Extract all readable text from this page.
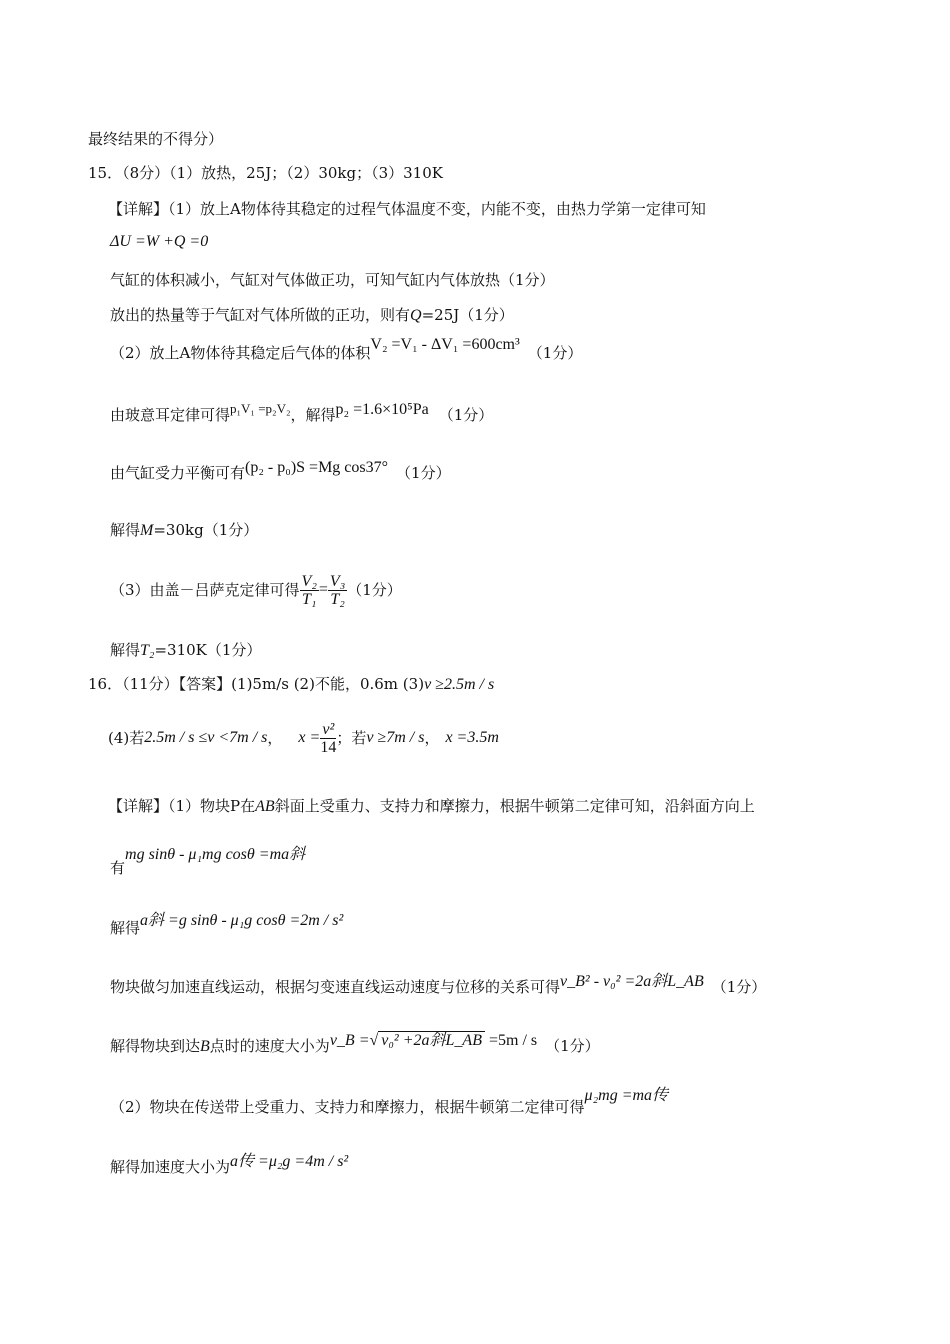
最终结果的不得分）
15．（8分）（1）放热，25J；（2）30kg；（3）310K
【详解】（1）放上A物体待其稳定的过程气体温度不变，内能不变，由热力学第一定律可知
ΔU =W +Q =0
气缸的体积减小，气缸对气体做正功，可知气缸内气体放热（1分）
放出的热量等于气缸对气体所做的正功，则有Q=25J（1分）
（2）放上A物体待其稳定后气体的体积V₂ =V₁ - ΔV₁ =600cm³ （1分）
由玻意耳定律可得p₁V₁ =p₂V₂，解得p₂ =1.6×10⁵Pa （1分）
由气缸受力平衡可有(p₂ - p₀)S =Mg cos37° （1分）
解得M=30kg（1分）
（3）由盖－吕萨克定律可得 $\frac{\text{V₂}}{\text{T₁}} = \frac{\text{V₃}}{\text{T₂}} (1$分）
解得T₂=310K（1分）
16．（11分）【答案】(1)5m/s (2)不能，0.6m (3)v ≥2.5m / s
(4)若 2.5m / s ≤v <7m / s ， $x = \frac{\text{v²}}{14}$ ；若 v ≥7m / s ， x =3.5m
【详解】（1）物块P在AB斜面上受重力、支持力和摩擦力，根据牛顿第二定律可知，沿斜面方向上
有mg sinθ - μ₁mg cosθ =ma斜
解得a斜 =g sinθ - μ₁g cosθ =2m / s²
物块做匀加速直线运动，根据匀变速直线运动速度与位移的关系可得v_B² - v₀² =2a斜L_AB （1分）
解得物块到达B点时的速度大小为v_B =√ v₀² +2a斜L_AB =5m / s （1分）
（2）物块在传送带上受重力、支持力和摩擦力，根据牛顿第二定律可得μ₂mg =ma传
解得加速度大小为a传 =μ₂g =4m / s²
